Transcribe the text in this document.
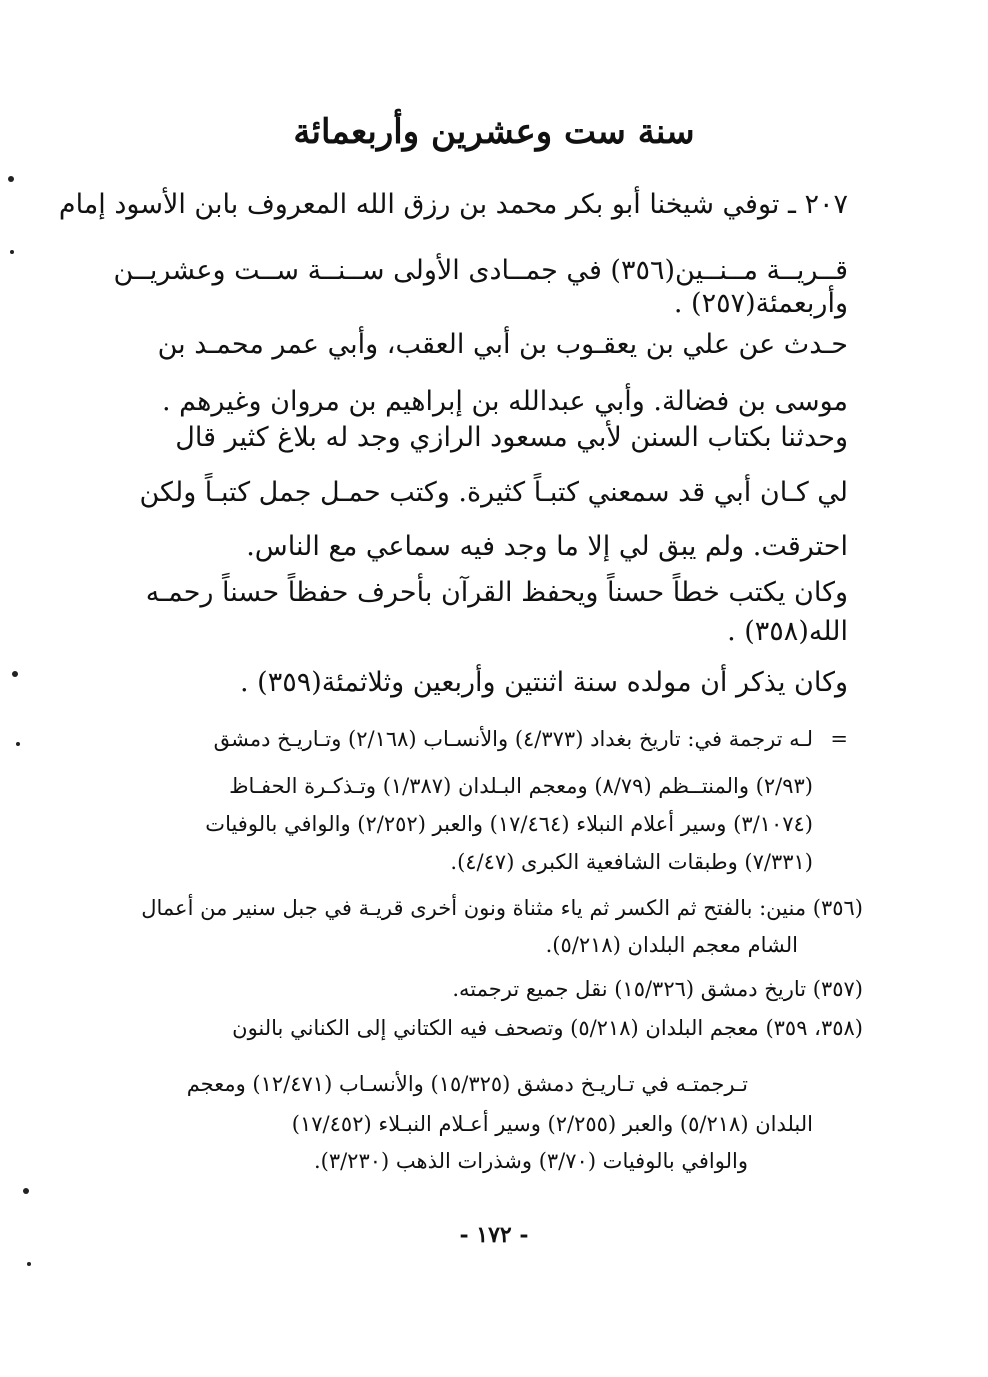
سنة ست وعشرين وأربعمائة
٢٠٧ ـ توفي شيخنا أبو بكر محمد بن رزق الله المعروف بابن الأسود إمام
قــريــة مــنــين(٣٥٦) في جمــادى الأولى ســنــة ســت وعشريــن
وأربعمئة(٢٥٧) .
حـدث عن علي بن يعقـوب بن أبي العقب، وأبي عمر محمـد بن
موسى بن فضالة. وأبي عبدالله بن إبراهيم بن مروان وغيرهم .
وحدثنا بكتاب السنن لأبي مسعود الرازي وجد له بلاغ كثير قال
لي كـان أبي قد سمعني كتبـاً كثيرة. وكتب حمـل جمل كتبـاً ولكن
احترقت. ولم يبق لي إلا ما وجد فيه سماعي مع الناس.
وكان يكتب خطاً حسناً ويحفظ القرآن بأحرف حفظاً حسناً رحمـه
الله(٣٥٨) .
وكان يذكر أن مولده سنة اثنتين وأربعين وثلاثمئة(٣٥٩) .
=
لـه ترجمة في: تاريخ بغداد (٤/٣٧٣) والأنسـاب (٢/١٦٨) وتـاريـخ دمشق
(٢/٩٣) والمنتــظم (٨/٧٩) ومعجم البـلدان (١/٣٨٧) وتـذكـرة الحفـاظ
(٣/١٠٧٤) وسير أعلام النبلاء (١٧/٤٦٤) والعبر (٢/٢٥٢) والوافي بالوفيات
(٧/٣٣١) وطبقات الشافعية الكبرى (٤/٤٧).
(٣٥٦) منين: بالفتح ثم الكسر ثم ياء مثناة ونون أخرى قريـة في جبل سنير من أعمال
الشام معجم البلدان (٥/٢١٨).
(٣٥٧) تاريخ دمشق (١٥/٣٢٦) نقل جميع ترجمته.
(٣٥٨، ٣٥٩) معجم البلدان (٥/٢١٨) وتصحف فيه الكتاني إلى الكناني بالنون
تـرجمتـه في تـاريـخ دمشق (١٥/٣٢٥) والأنسـاب (١٢/٤٧١) ومعجم
البلدان (٥/٢١٨) والعبر (٢/٢٥٥) وسير أعـلام النبـلاء (١٧/٤٥٢)
والوافي بالوفيات (٣/٧٠) وشذرات الذهب (٣/٢٣٠).
- ١٧٢ -
